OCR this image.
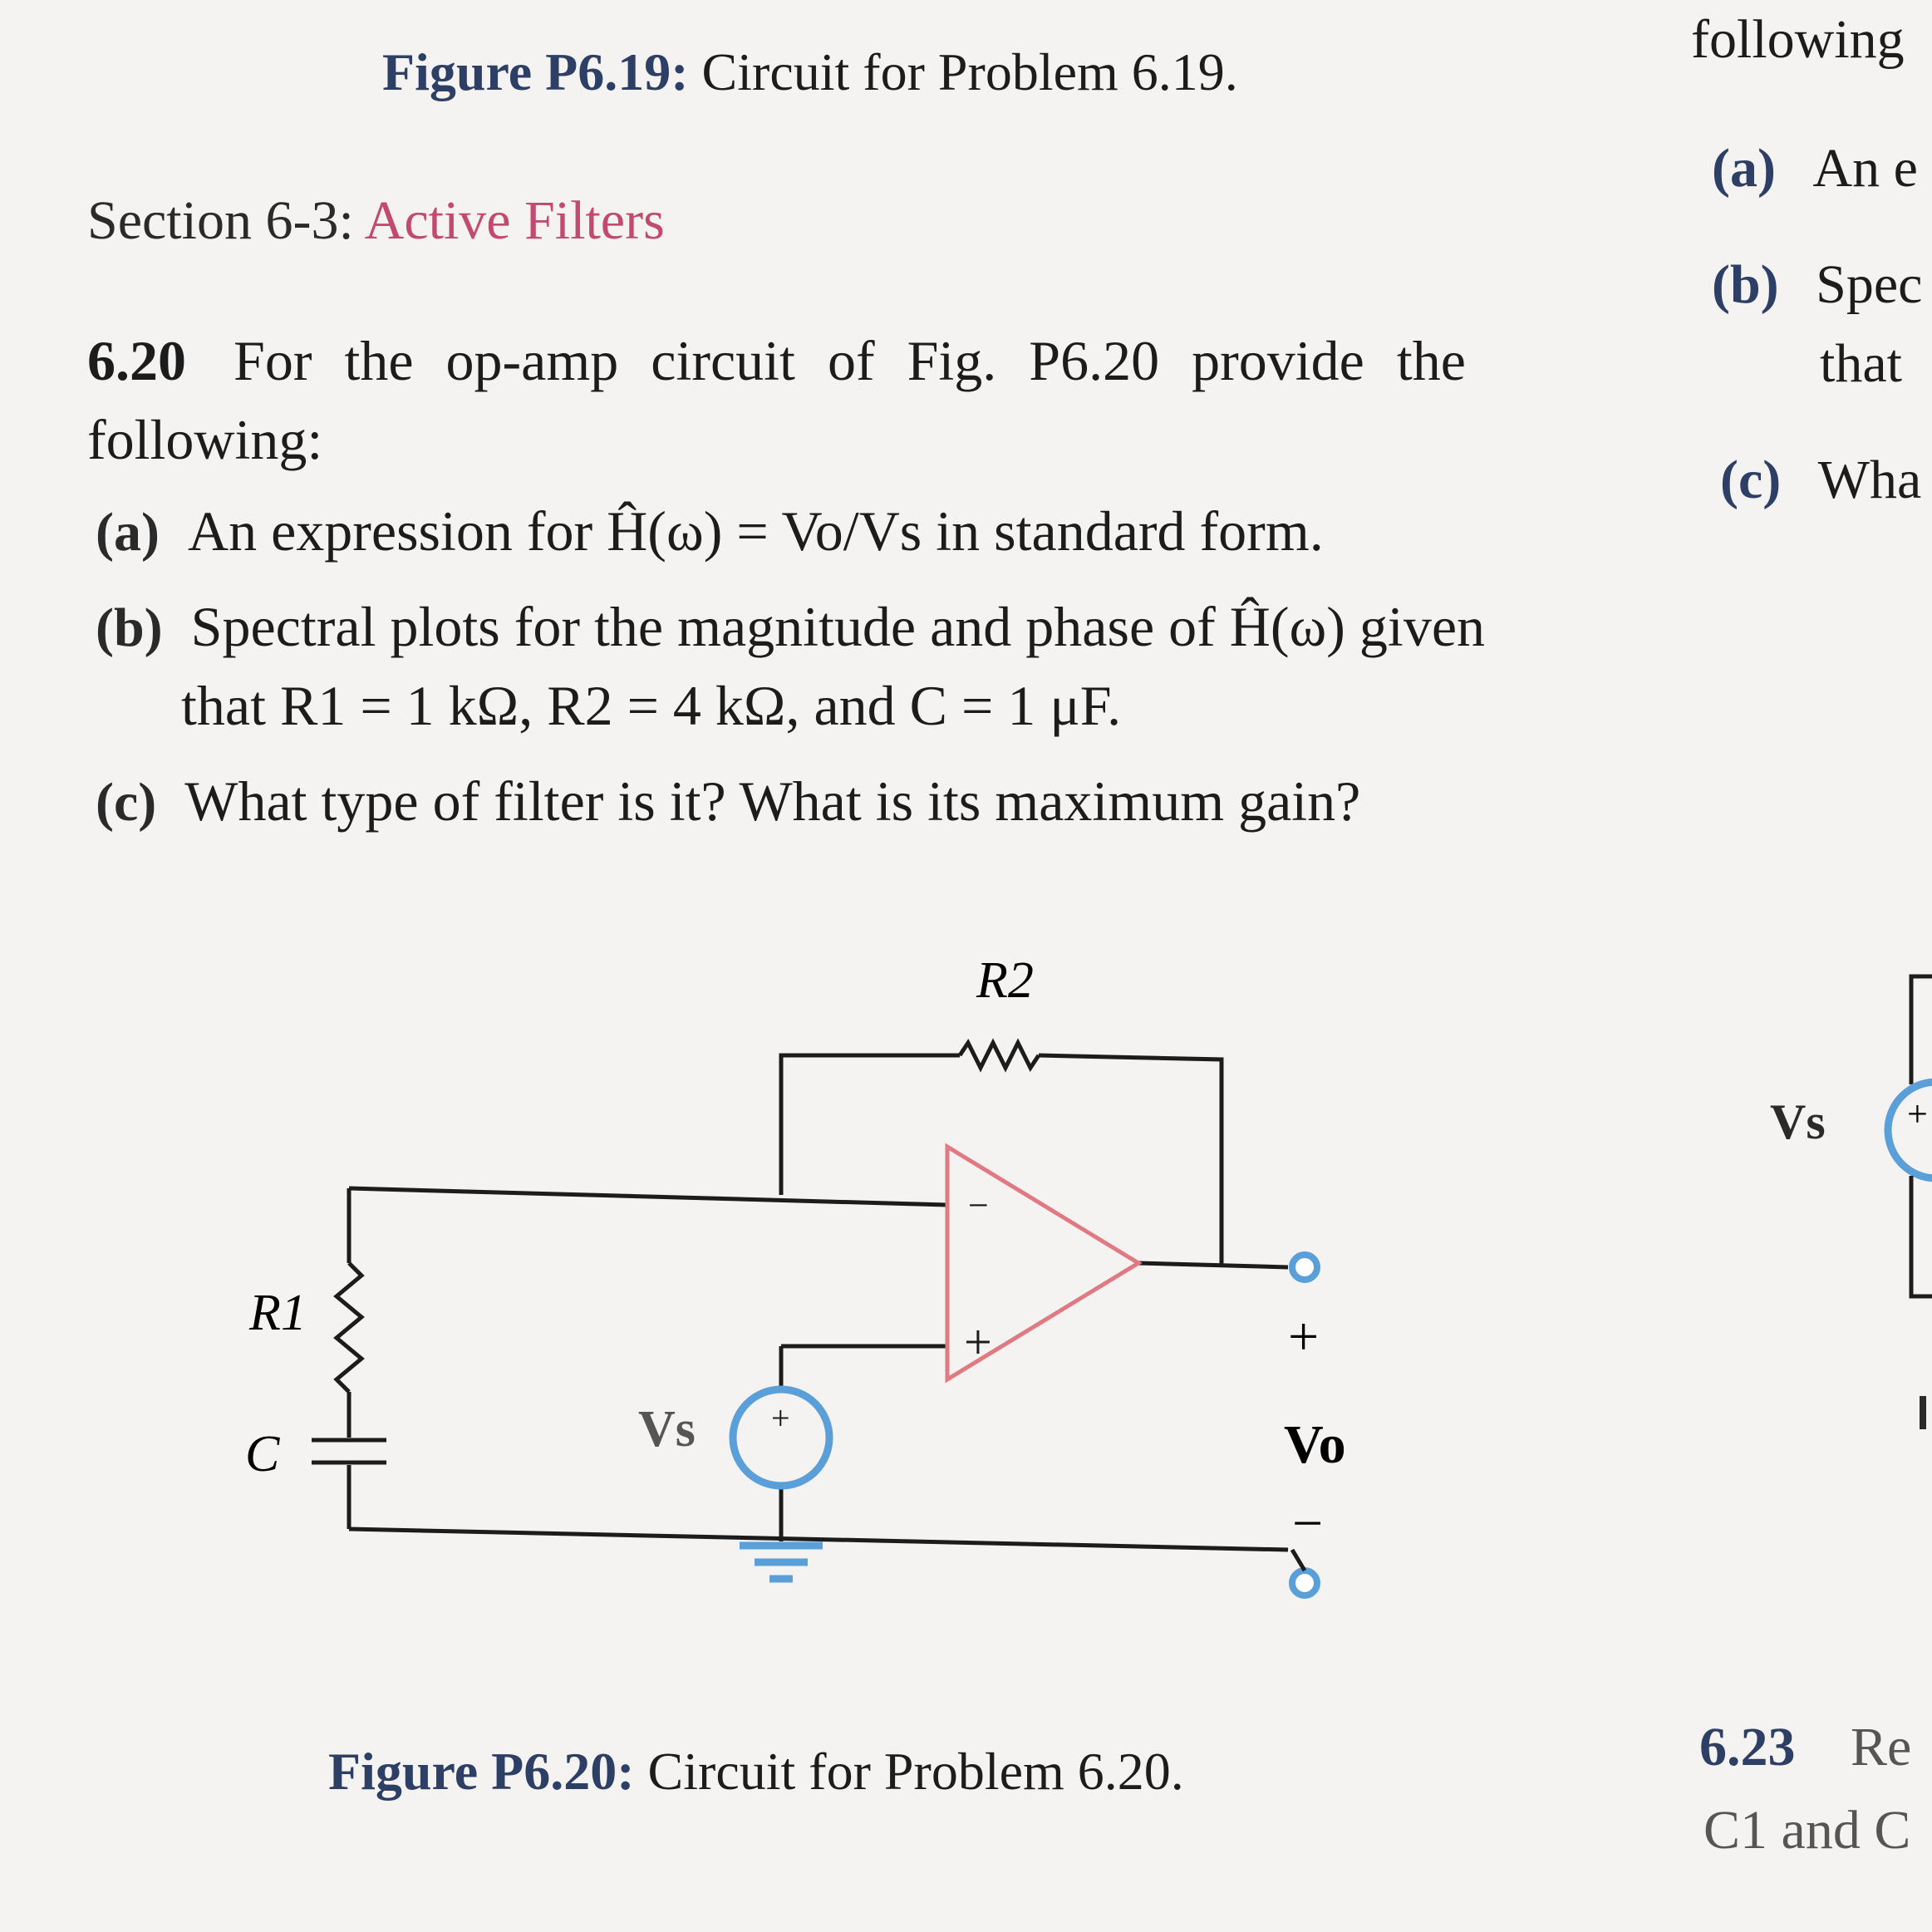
Figure P6.19: Circuit for Problem 6.19.
Section 6-3: Active Filters
6.20 For the op-amp circuit of Fig. P6.20 provide the
following:
(a) An expression for Ĥ(ω) = Vo/Vs in standard form.
(b) Spectral plots for the magnitude and phase of Ĥ(ω) given
that R1 = 1 kΩ, R2 = 4 kΩ, and C = 1 μF.
(c) What type of filter is it? What is its maximum gain?
−
+
+
R2
R1
C	Vs
+
Vo
−
Figure P6.20: Circuit for Problem 6.20.
following
(a) An e
(b) Spec
that
(c) Wha
Vs +
6.23 Re
C1 and C
